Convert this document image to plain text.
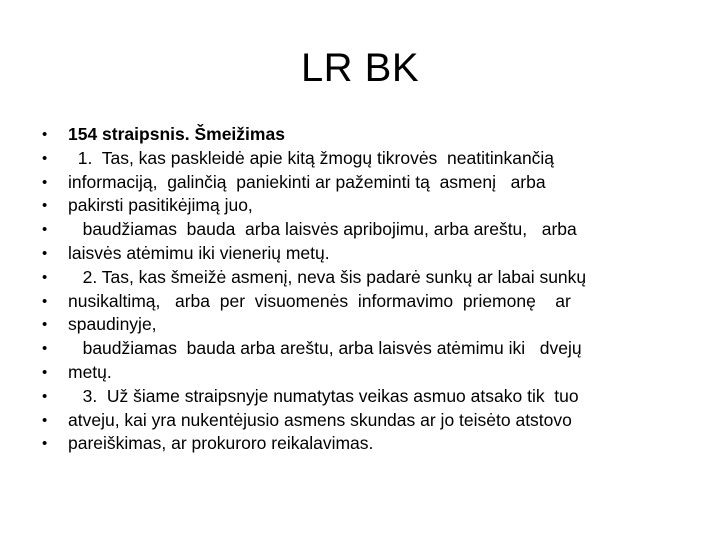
LR BK
• 154 straipsnis. Šmeižimas
• 1.  Tas, kas paskleidė apie kitą žmogų tikrovės  neatitinkančią
• informaciją,  galinčią  paniekinti ar pažeminti tą  asmenį   arba
• pakirsti pasitikėjimą juo,
• baudžiamas  bauda  arba laisvės apribojimu, arba areštu,   arba
• laisvės atėmimu iki vienerių metų.
• 2. Tas, kas šmeižė asmenį, neva šis padarė sunkų ar labai sunkų
• nusikaltimą,   arba  per  visuomenės  informavimo  priemonę    ar
• spaudinyje,
• baudžiamas  bauda arba areštu, arba laisvės atėmimu iki   dvejų
• metų.
• 3.  Už šiame straipsnyje numatytas veikas asmuo atsako tik  tuo
• atveju, kai yra nukentėjusio asmens skundas ar jo teisėto atstovo
• pareiškimas, ar prokuroro reikalavimas.
